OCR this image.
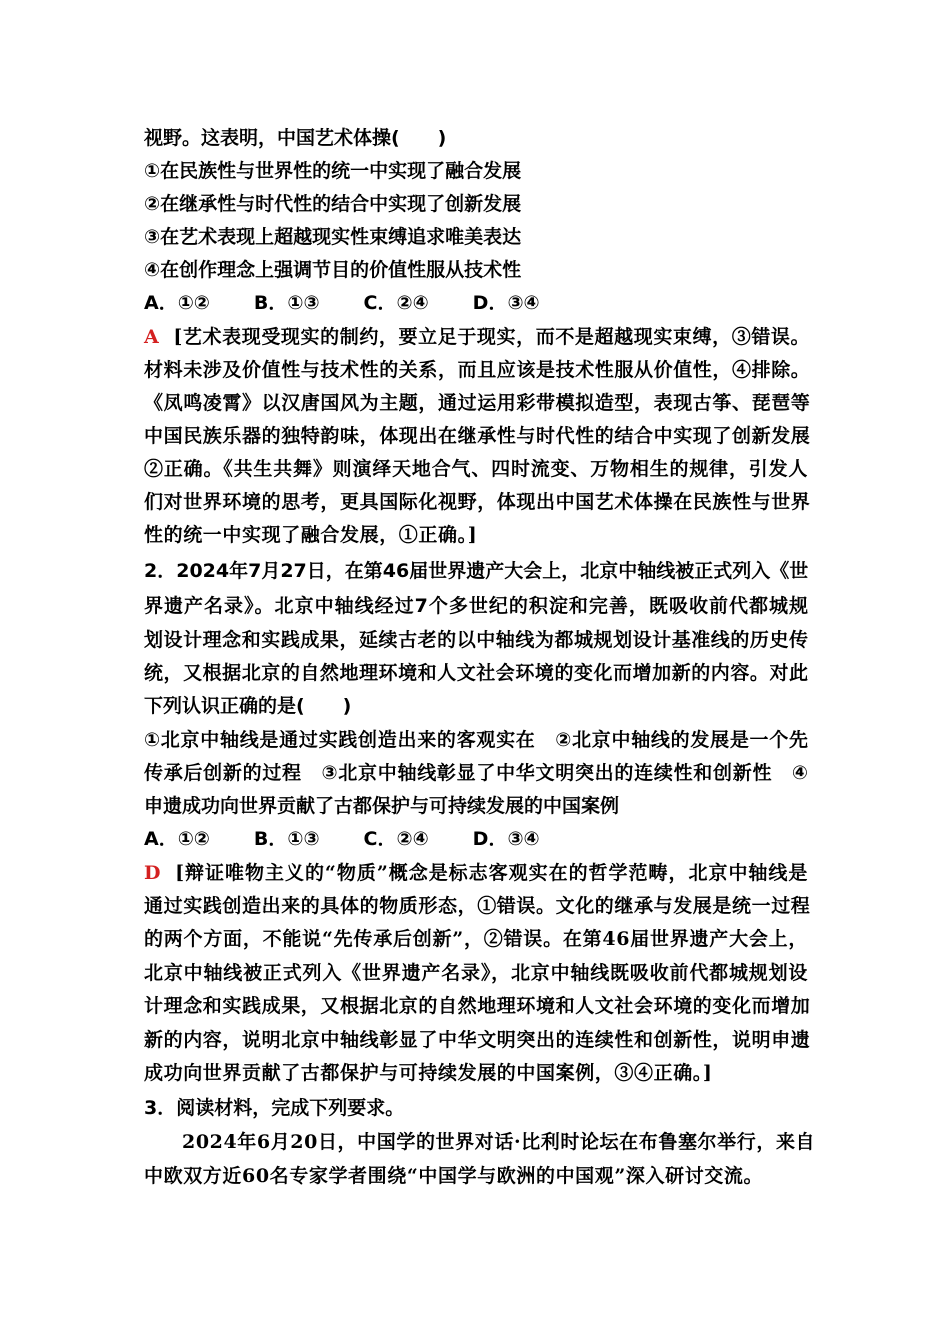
视野。这表明，中国艺术体操(　　)
①在民族性与世界性的统一中实现了融合发展
②在继承性与时代性的结合中实现了创新发展
③在艺术表现上超越现实性束缚追求唯美表达
④在创作理念上强调节目的价值性服从技术性
A．①② B．①③ C．②④ D．③④
A [艺术表现受现实的制约，要立足于现实，而不是超越现实束缚，③错误。
材料未涉及价值性与技术性的关系，而且应该是技术性服从价值性，④排除。
《凤鸣凌霄》以汉唐国风为主题，通过运用彩带模拟造型，表现古筝、琵琶等
中国民族乐器的独特韵味，体现出在继承性与时代性的结合中实现了创新发展
②正确。《共生共舞》则演绎天地合气、四时流变、万物相生的规律，引发人
们对世界环境的思考，更具国际化视野，体现出中国艺术体操在民族性与世界
性的统一中实现了融合发展，①正确。]
2．2024年7月27日，在第46届世界遗产大会上，北京中轴线被正式列入《世
界遗产名录》。北京中轴线经过7个多世纪的积淀和完善，既吸收前代都城规
划设计理念和实践成果，延续古老的以中轴线为都城规划设计基准线的历史传
统，又根据北京的自然地理环境和人文社会环境的变化而增加新的内容。对此
下列认识正确的是(　　)
①北京中轴线是通过实践创造出来的客观实在　②北京中轴线的发展是一个先
传承后创新的过程　③北京中轴线彰显了中华文明突出的连续性和创新性　④
申遗成功向世界贡献了古都保护与可持续发展的中国案例
A．①② B．①③ C．②④ D．③④
D [辩证唯物主义的“物质”概念是标志客观实在的哲学范畴，北京中轴线是
通过实践创造出来的具体的物质形态，①错误。文化的继承与发展是统一过程
的两个方面，不能说“先传承后创新”，②错误。在第46届世界遗产大会上，
北京中轴线被正式列入《世界遗产名录》，北京中轴线既吸收前代都城规划设
计理念和实践成果，又根据北京的自然地理环境和人文社会环境的变化而增加
新的内容，说明北京中轴线彰显了中华文明突出的连续性和创新性，说明申遗
成功向世界贡献了古都保护与可持续发展的中国案例，③④正确。]
3．阅读材料，完成下列要求。
2024年6月20日，中国学的世界对话·比利时论坛在布鲁塞尔举行，来自
中欧双方近60名专家学者围绕“中国学与欧洲的中国观”深入研讨交流。
